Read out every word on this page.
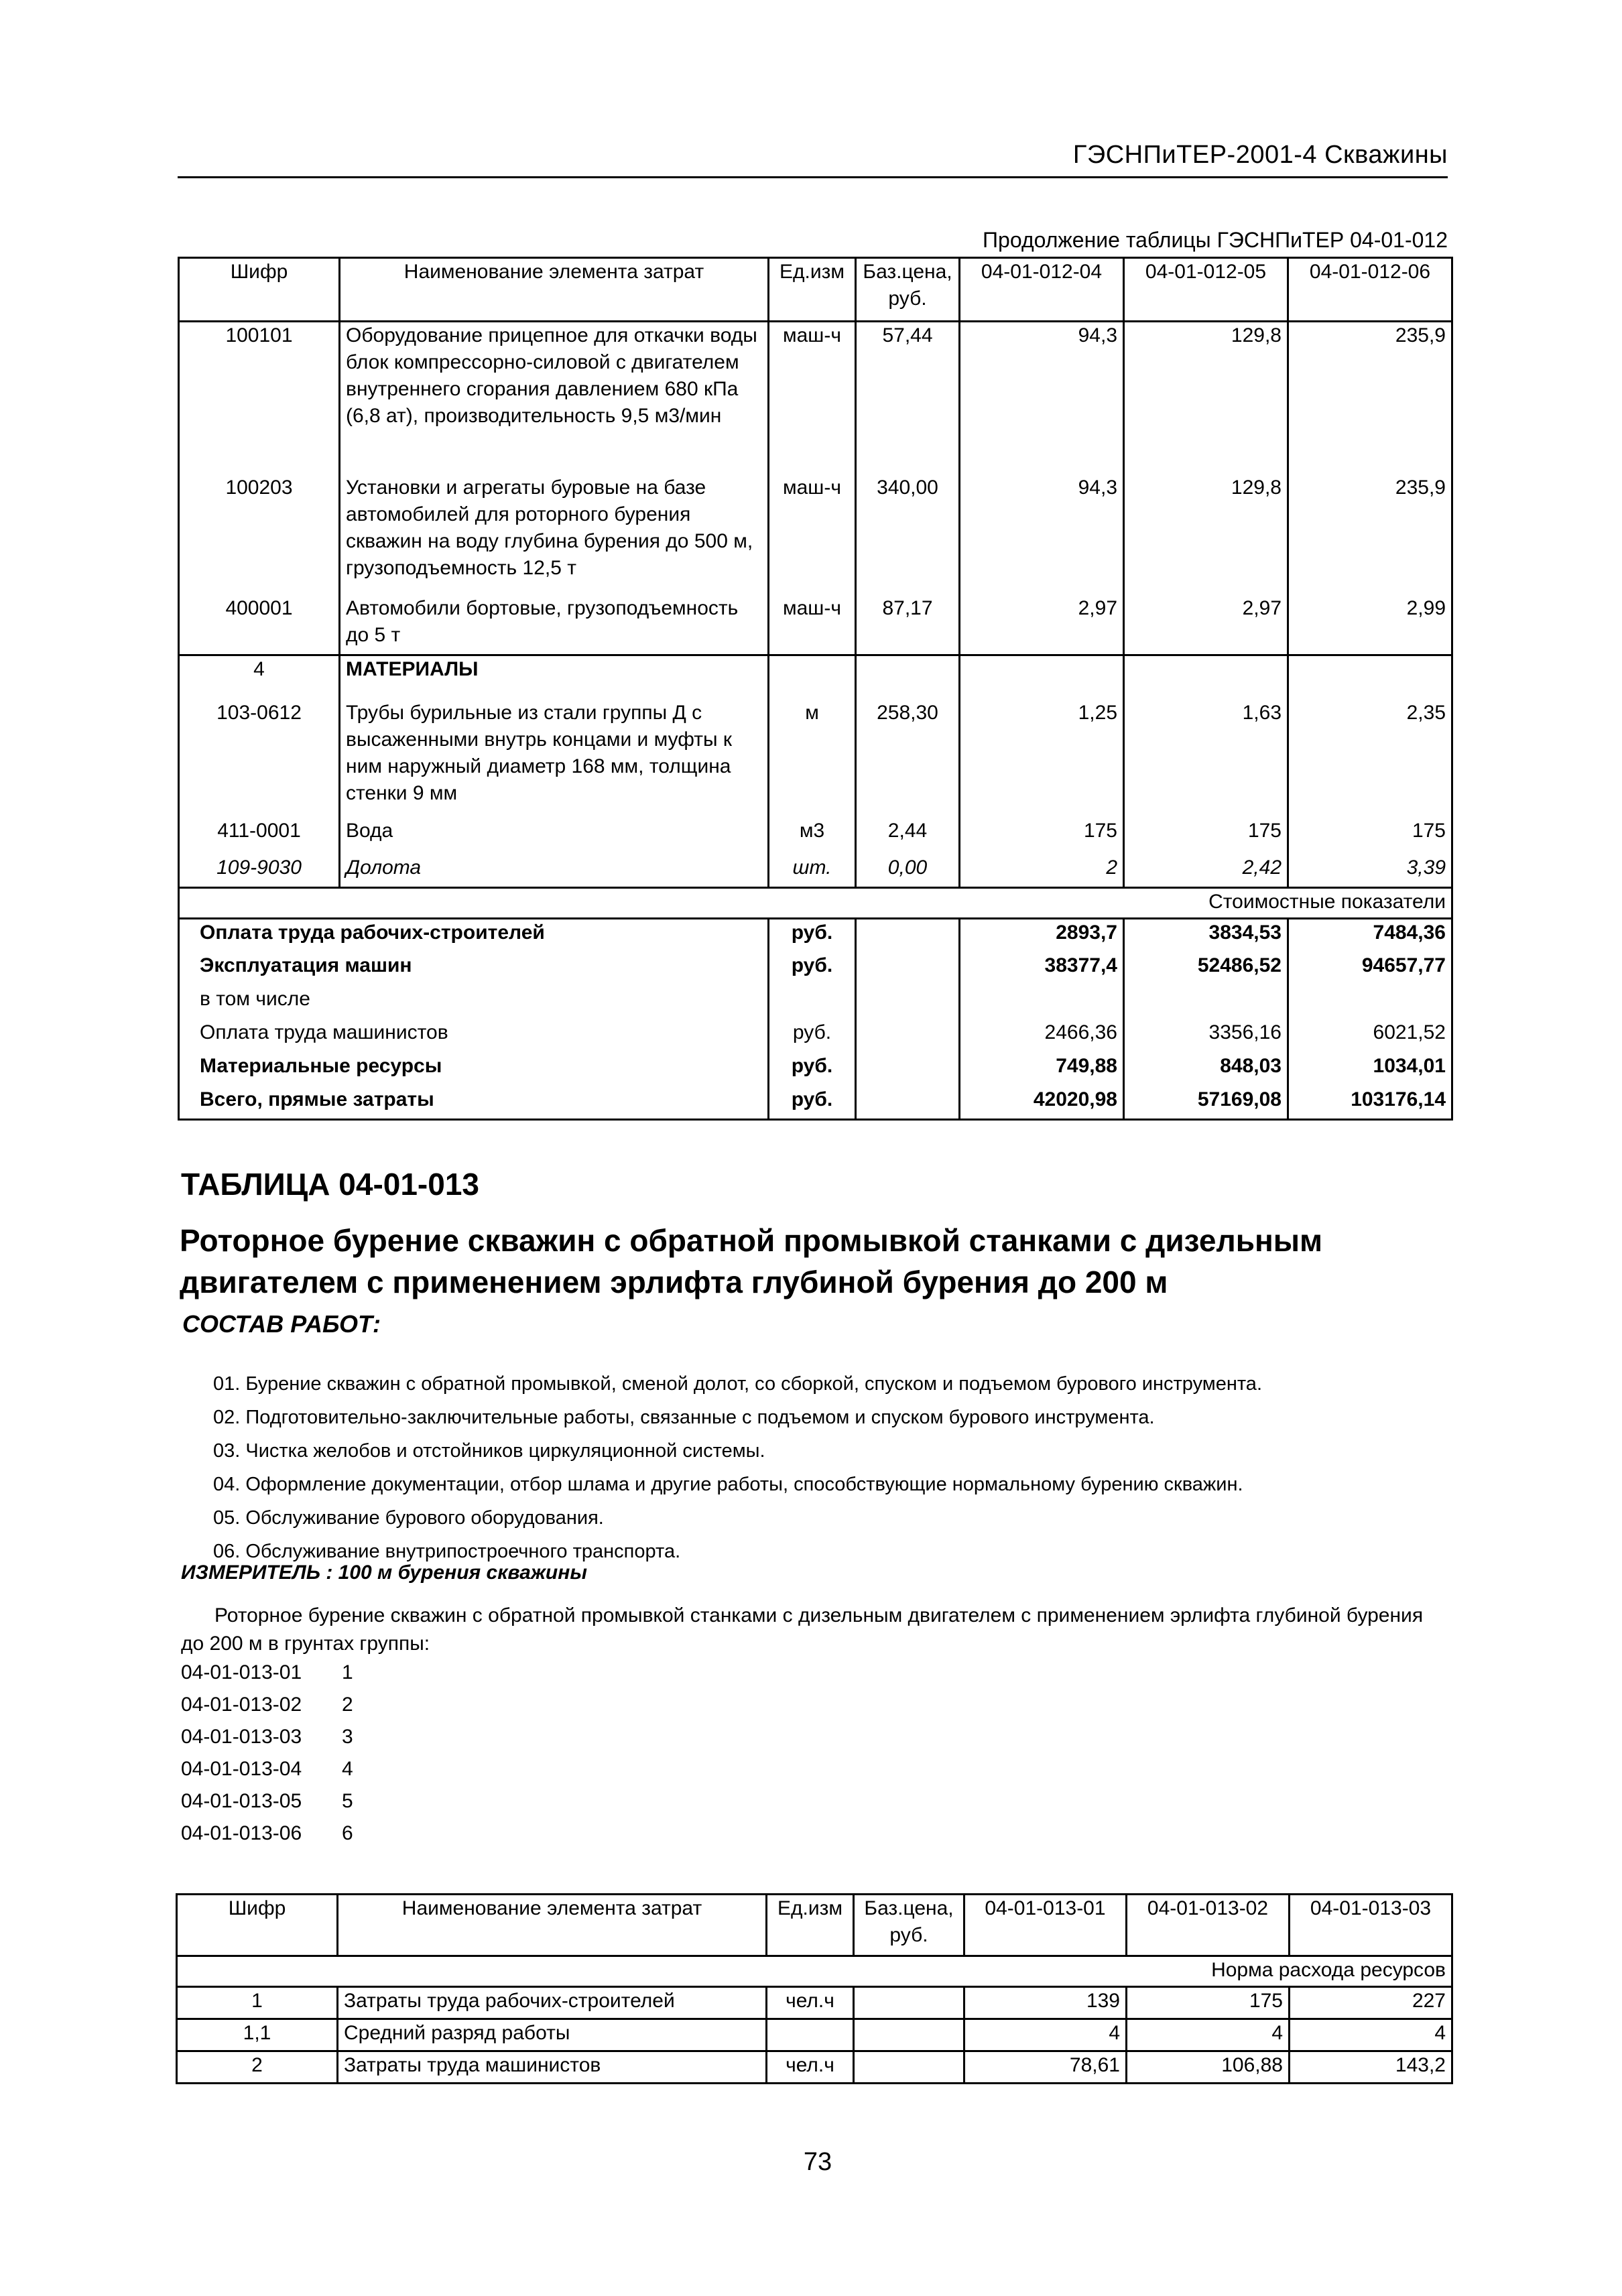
ГЭСНПиТЕР-2001-4 Скважины
Продолжение таблицы ГЭСНПиТЕР 04-01-012
Шифр	Наименование элемента затрат	Ед.изм	Баз.цена, руб.	04-01-012-04	04-01-012-05	04-01-012-06
100101	Оборудование прицепное для откачки воды блок компрессорно-силовой с двигателем внутреннего сгорания давлением 680 кПа (6,8 ат), производительность 9,5 м3/мин	маш-ч	57,44	94,3	129,8	235,9
100203	Установки и агрегаты буровые на базе автомобилей для роторного бурения скважин на воду глубина бурения до 500 м, грузоподъемность 12,5 т	маш-ч	340,00	94,3	129,8	235,9
400001	Автомобили бортовые, грузоподъемность до 5 т	маш-ч	87,17	2,97	2,97	2,99
4	МАТЕРИАЛЫ					
103-0612	Трубы бурильные из стали группы Д с высаженными внутрь концами и муфты к ним наружный диаметр 168 мм, толщина стенки 9 мм	м	258,30	1,25	1,63	2,35
411-0001	Вода	м3	2,44	175	175	175
109-9030	Долота	шт.	0,00	2	2,42	3,39
Стоимостные показатели						
Оплата труда рабочих-строителей		руб.		2893,7	3834,53	7484,36
Эксплуатация машин		руб.		38377,4	52486,52	94657,77
в том числе						
Оплата труда машинистов		руб.		2466,36	3356,16	6021,52
Материальные ресурсы		руб.		749,88	848,03	1034,01
Всего, прямые затраты		руб.		42020,98	57169,08	103176,14
ТАБЛИЦА 04-01-013
Роторное бурение скважин с обратной промывкой станками с дизельным двигателем с применением эрлифта глубиной бурения до 200 м
СОСТАВ РАБОТ:
01. Бурение скважин с обратной промывкой, сменой долот, со сборкой, спуском и подъемом бурового инструмента.
02. Подготовительно-заключительные работы, связанные с подъемом и спуском бурового инструмента.
03. Чистка желобов и отстойников циркуляционной системы.
04. Оформление документации, отбор шлама и другие работы, способствующие нормальному бурению скважин.
05. Обслуживание бурового оборудования.
06. Обслуживание внутрипостроечного транспорта.
ИЗМЕРИТЕЛЬ : 100 м бурения скважины
Роторное бурение скважин с обратной промывкой станками с дизельным двигателем с применением эрлифта глубиной бурения до 200 м в грунтах группы:
04-01-013-01 1
04-01-013-02 2
04-01-013-03 3
04-01-013-04 4
04-01-013-05 5
04-01-013-06 6
Шифр	Наименование элемента затрат	Ед.изм	Баз.цена, руб.	04-01-013-01	04-01-013-02	04-01-013-03
Норма расхода ресурсов						
1	Затраты труда рабочих-строителей	чел.ч		139	175	227
1,1	Средний разряд работы			4	4	4
2	Затраты труда машинистов	чел.ч		78,61	106,88	143,2
73
